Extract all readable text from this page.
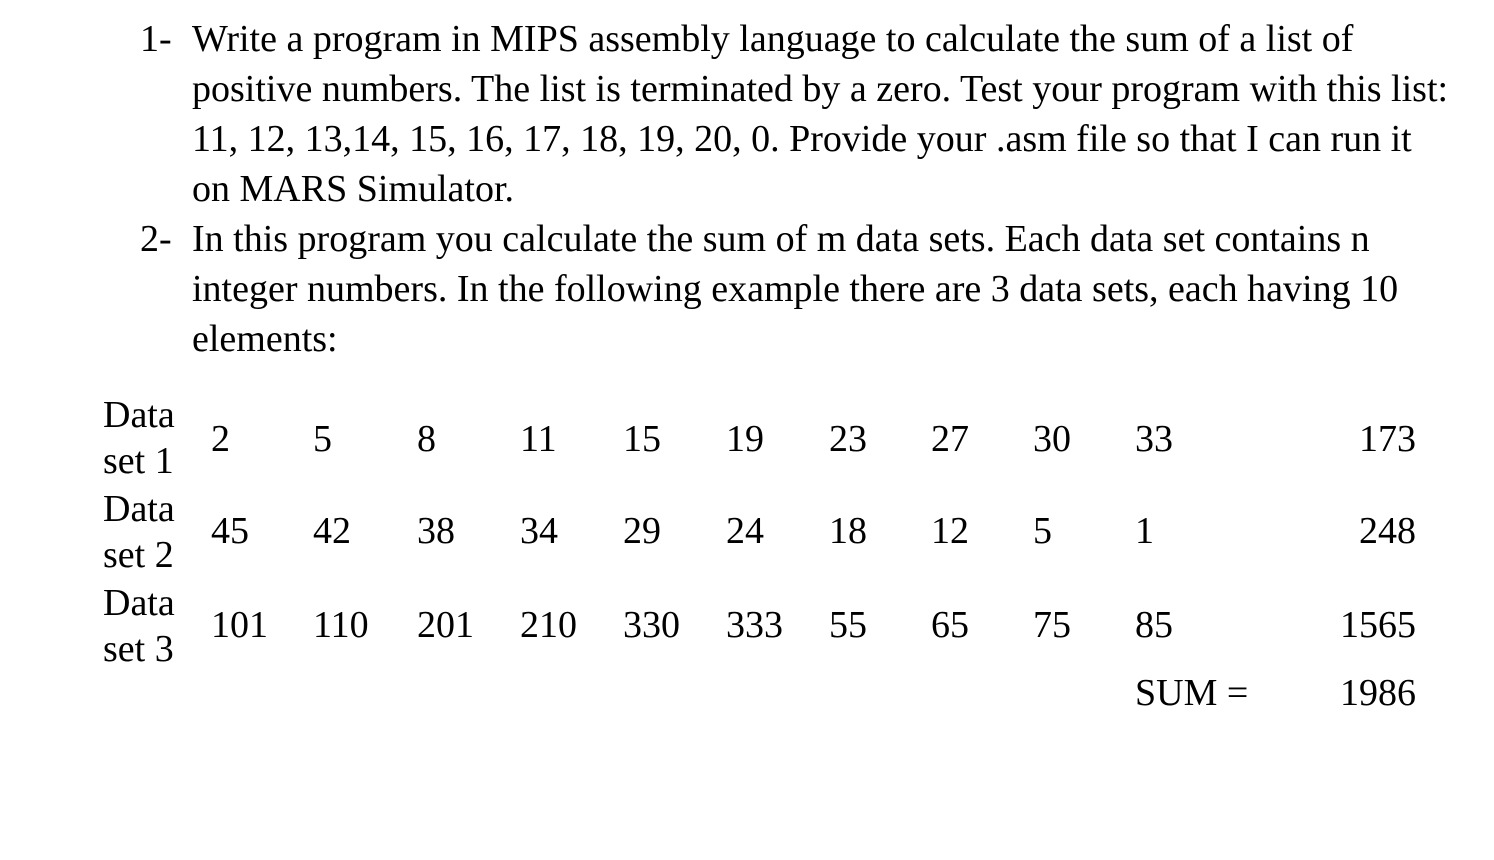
1- Write a program in MIPS assembly language to calculate the sum of a list of positive numbers. The list is terminated by a zero. Test your program with this list: 11, 12, 13,14, 15, 16, 17, 18, 19, 20, 0. Provide your .asm file so that I can run it on MARS Simulator.
2- In this program you calculate the sum of m data sets. Each data set contains n integer numbers. In the following example there are 3 data sets, each having 10 elements:
Data
set 1
2 5 8 11 15 19 23 27 30 33	173
Data
set 2
45 42 38 34 29 24 18 12 5 1	248
Data
set 3
101 110 201 210 330 333 55 65 75 85	1565
SUM = 1986
